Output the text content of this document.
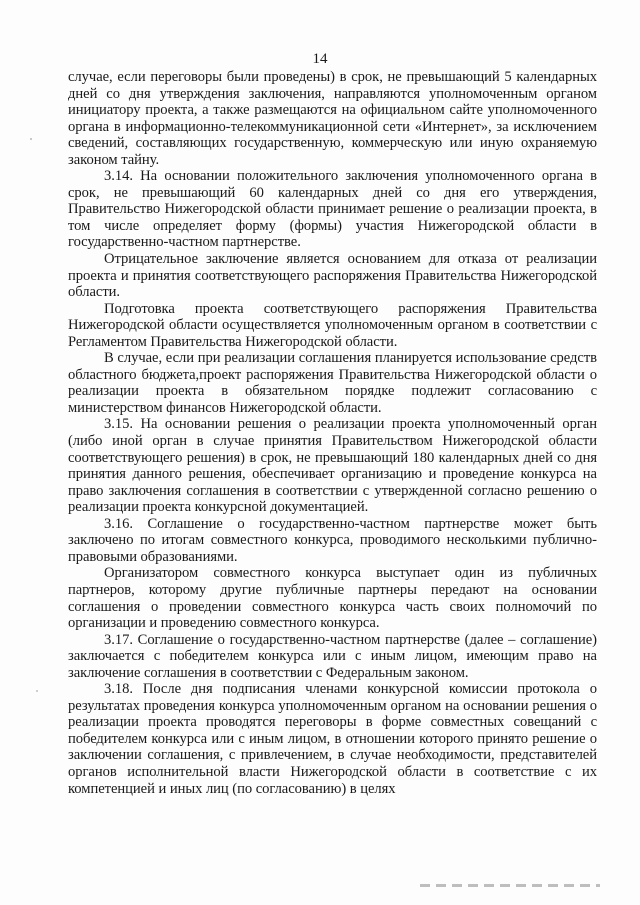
14

случае, если переговоры были проведены) в срок, не превышающий 5 календарных дней со дня утверждения заключения, направляются уполномоченным органом инициатору проекта, а также размещаются на официальном сайте уполномоченного органа в информационно-телекоммуникационной сети «Интернет», за исключением сведений, составляющих государственную, коммерческую или иную охраняемую законом тайну.

3.14. На основании положительного заключения уполномоченного органа в срок, не превышающий 60 календарных дней со дня его утверждения, Правительство Нижегородской области принимает решение о реализации проекта, в том числе определяет форму (формы) участия Нижегородской области в государственно-частном партнерстве.

Отрицательное заключение является основанием для отказа от реализации проекта и принятия соответствующего распоряжения Правительства Нижегородской области.

Подготовка проекта соответствующего распоряжения Правительства Нижегородской области осуществляется уполномоченным органом в соответствии с Регламентом Правительства Нижегородской области.

В случае, если при реализации соглашения планируется использование средств областного бюджета,проект распоряжения Правительства Нижегородской области о реализации проекта в обязательном порядке подлежит согласованию с министерством финансов Нижегородской области.

3.15. На основании решения о реализации проекта уполномоченный орган (либо иной орган в случае принятия Правительством Нижегородской области соответствующего решения) в срок, не превышающий 180 календарных дней со дня принятия данного решения, обеспечивает организацию и проведение конкурса на право заключения соглашения в соответствии с утвержденной согласно решению о реализации проекта конкурсной документацией.

3.16. Соглашение о государственно-частном партнерстве может быть заключено по итогам совместного конкурса, проводимого несколькими публично-правовыми образованиями.

Организатором совместного конкурса выступает один из публичных партнеров, которому другие публичные партнеры передают на основании соглашения о проведении совместного конкурса часть своих полномочий по организации и проведению совместного конкурса.

3.17. Соглашение о государственно-частном партнерстве (далее – соглашение) заключается с победителем конкурса или с иным лицом, имеющим право на заключение соглашения в соответствии с Федеральным законом.

3.18. После дня подписания членами конкурсной комиссии протокола о результатах проведения конкурса уполномоченным органом на основании решения о реализации проекта проводятся переговоры в форме совместных совещаний с победителем конкурса или с иным лицом, в отношении которого принято решение о заключении соглашения, с привлечением, в случае необходимости, представителей органов исполнительной власти Нижегородской области в соответствие с их компетенцией и иных лиц (по согласованию) в целях
